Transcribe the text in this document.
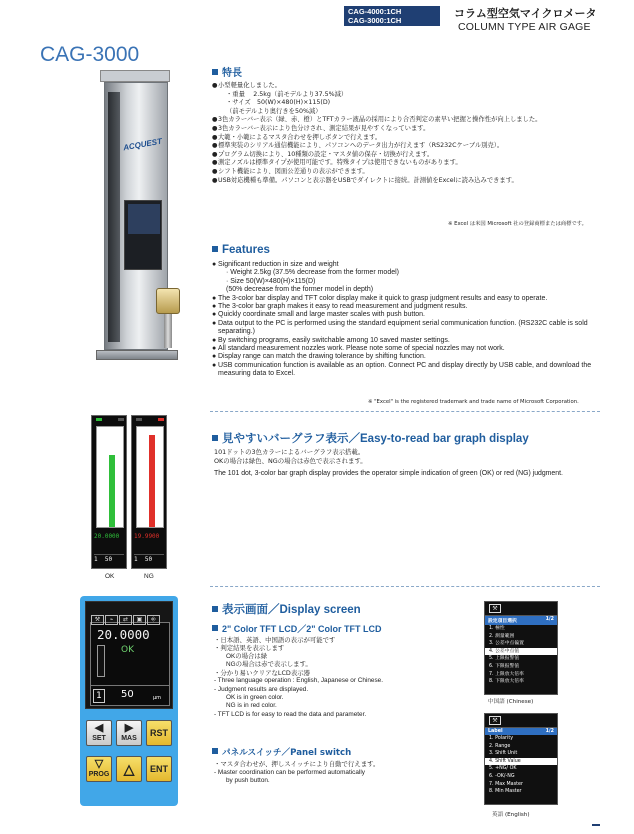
CAG-4000:1CH
CAG-3000:1CH
コラム型空気マイクロメータ
COLUMN TYPE AIR GAGE
CAG-3000
ACQUEST
特長
● 小型軽量化しました。
・重量　 2.5kg（前モデルより37.5%減）
・サイズ　50(W)×480(H)×115(D)
（前モデルより奥行きを50%減）
● 3色カラーバー表示（緑、赤、橙）とTFTカラー液晶の採用により合否判定の素早い把握と操作性が向上しました。
● 3色カラーバー表示により色分けされ、測定結果が見やすくなっています。
● 大範・小範によるマスタ合わせを押しボタンで行えます。
● 標準実装のシリアル通信機能により、パソコンへのデータ出力が行えます（RS232Cケーブル別売）。
● プログラム切換により、10種類の設定・マスタ値の保存・切換が行えます。
● 測定ノズルは標準タイプが使用可能です。特殊タイプは使用できないものがあります。
● シフト機能により、図面公差通りの表示ができます。
● USB対応機種も準備。パソコンと表示器をUSBでダイレクトに接続。計測値をExcelに読み込みできます。
※ Excel は米国 Microsoft 社の登録商標または商標です。
Features
● Significant reduction in size and weight
· Weight 2.5kg (37.5% decrease from the former model)
· Size 50(W)×480(H)×115(D)
(50% decrease from the former model in depth)
● The 3-color bar display and TFT color display make it quick to grasp judgment results and easy to operate.
● The 3-color bar graph makes it easy to read measurement and judgment results.
● Quickly coordinate small and large master scales with push button.
● Data output to the PC is performed using the standard equipment serial communication function. (RS232C cable is sold separating.)
● By switching programs, easily switchable among 10 saved master settings.
● All standard measurement nozzles work. Please note some of special nozzles may not work.
● Display range can match the drawing tolerance by shifting function.
● USB communication function is available as an option. Connect PC and display directly by USB cable, and download the measuring data to Excel.
※ "Excel" is the registered trademark and trade name of Microsoft Corporation.
見やすいバーグラフ表示／Easy-to-read bar graph display
101ドットの3色カラーによるバーグラフ表示搭載。
OKの場合は緑色、NGの場合は赤色で表示されます。
The 101 dot, 3-color bar graph display provides the operator simple indication of green (OK) or red (NG) judgment.
20.0000
1 50
19.9900
1 50
OK	NG
表示画面／Display screen
2" Color TFT LCD／2" Color TFT LCD
・日本語、英語、中国語の表示が可能です
・判定結果を表示します
OKの場合は緑
NGの場合は赤で表示します。
・分かり易いクリアなLCD表示器
- Three language operation : English, Japanese or Chinese.
- Judgment results are displayed.
OK is in green color.
NG is in red color.
- TFT LCD is for easy to read the data and parameter.
パネルスイッチ／Panel switch
・マスタ合わせが、押しスイッチにより自動で行えます。
- Master coordination can be performed automatically
by push button.
⚒ ⌁ ⇄ ▣ ⎆
20.0000
OK
1	50	μm
◀
SET
▶
MAS
RST
▽
PROG	△	ENT
⚒
設定項目選択	1/2
1. 極性
2. 測量範囲
3. 公差中点偏置
4. 公差中点值
5. 上限报警值
6. 下限报警值
7. 上限放大倍率
8. 下限放大倍率
中国語 (Chinese)
⚒
Label	1/2
1. Polarity
2. Range
3. Shift Unit
4. Shift Value
5. +NG/ OK
6. -OK/-NG
7. Max Master
8. Min Master
英語 (English)
